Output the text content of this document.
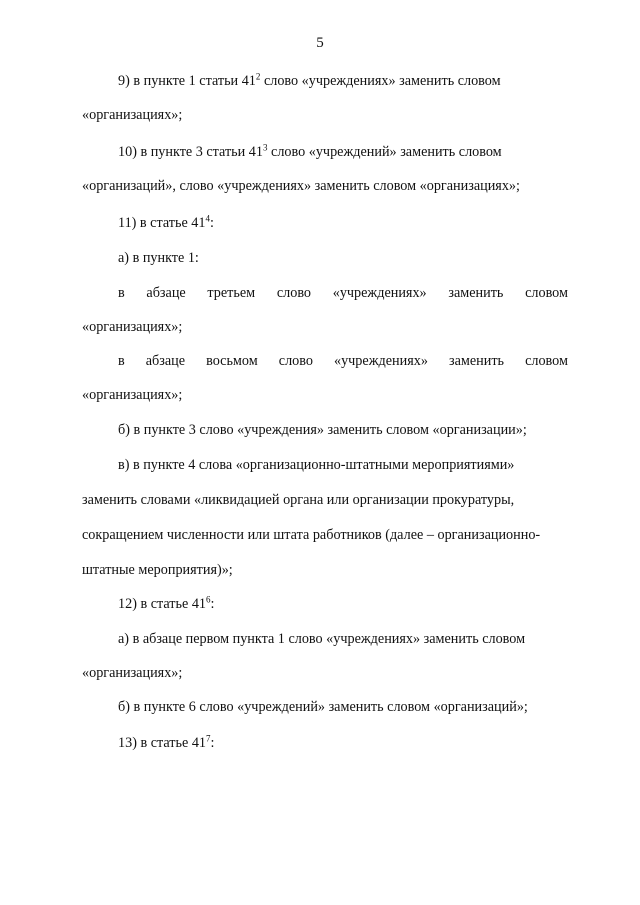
5
9) в пункте 1 статьи $41^2$ слово «учреждениях» заменить словом
«организациях»;
10) в пункте 3 статьи $41^3$ слово «учреждений» заменить словом
«организаций», слово «учреждениях» заменить словом «организациях»;
11) в статье $41^4$:
а) в пункте 1:
в абзаце третьем слово «учреждениях» заменить словом
«организациях»;
в абзаце восьмом слово «учреждениях» заменить словом
«организациях»;
б) в пункте 3 слово «учреждения» заменить словом «организации»;
в) в пункте 4 слова «организационно-штатными мероприятиями»
заменить словами «ликвидацией органа или организации прокуратуры,
сокращением численности или штата работников (далее – организационно-
штатные мероприятия)»;
12) в статье $41^6$:
а) в абзаце первом пункта 1 слово «учреждениях» заменить словом
«организациях»;
б) в пункте 6 слово «учреждений» заменить словом «организаций»;
13) в статье $41^7$:
